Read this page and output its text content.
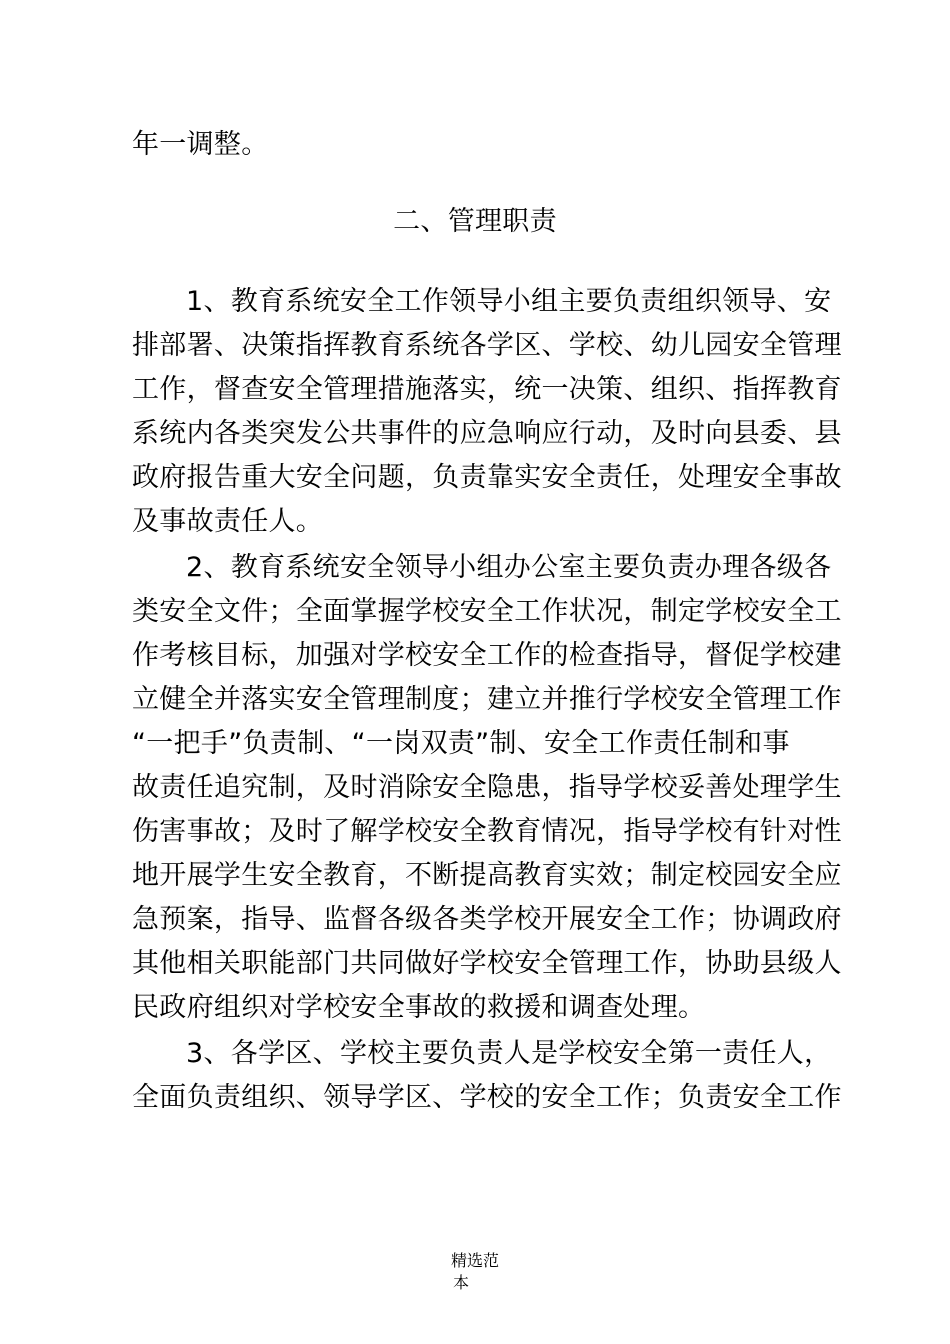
年一调整。
二、管理职责
1、教育系统安全工作领导小组主要负责组织领导、安
排部署、决策指挥教育系统各学区、学校、幼儿园安全管理
工作，督查安全管理措施落实，统一决策、组织、指挥教育
系统内各类突发公共事件的应急响应行动，及时向县委、县
政府报告重大安全问题，负责靠实安全责任，处理安全事故
及事故责任人。
2、教育系统安全领导小组办公室主要负责办理各级各
类安全文件；全面掌握学校安全工作状况，制定学校安全工
作考核目标，加强对学校安全工作的检查指导，督促学校建
立健全并落实安全管理制度；建立并推行学校安全管理工作
“一把手”负责制、“一岗双责”制、安全工作责任制和事
故责任追究制，及时消除安全隐患，指导学校妥善处理学生
伤害事故；及时了解学校安全教育情况，指导学校有针对性
地开展学生安全教育，不断提高教育实效；制定校园安全应
急预案，指导、监督各级各类学校开展安全工作；协调政府
其他相关职能部门共同做好学校安全管理工作，协助县级人
民政府组织对学校安全事故的救援和调查处理。
3、各学区、学校主要负责人是学校安全第一责任人，
全面负责组织、领导学区、学校的安全工作；负责安全工作
精选范
本
